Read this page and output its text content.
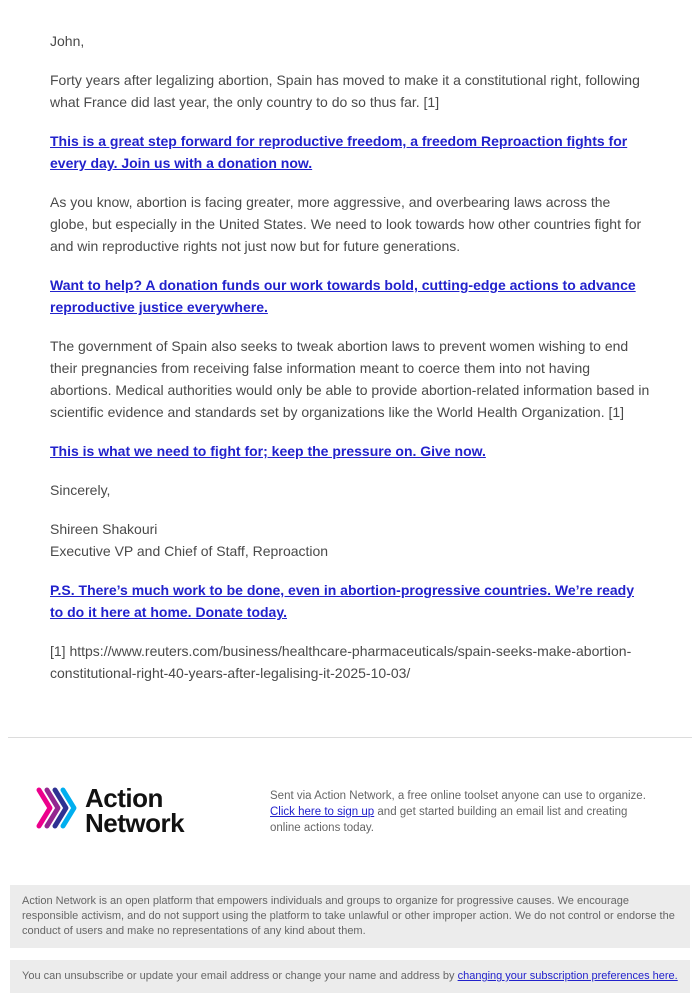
John,

Forty years after legalizing abortion, Spain has moved to make it a constitutional right, following what France did last year, the only country to do so thus far. [1]

This is a great step forward for reproductive freedom, a freedom Reproaction fights for every day. Join us with a donation now.

As you know, abortion is facing greater, more aggressive, and overbearing laws across the globe, but especially in the United States. We need to look towards how other countries fight for and win reproductive rights not just now but for future generations.

Want to help? A donation funds our work towards bold, cutting-edge actions to advance reproductive justice everywhere.

The government of Spain also seeks to tweak abortion laws to prevent women wishing to end their pregnancies from receiving false information meant to coerce them into not having abortions. Medical authorities would only be able to provide abortion-related information based in scientific evidence and standards set by organizations like the World Health Organization. [1]

This is what we need to fight for; keep the pressure on. Give now.

Sincerely,

Shireen Shakouri
Executive VP and Chief of Staff, Reproaction

P.S. There’s much work to be done, even in abortion-progressive countries. We’re ready to do it here at home. Donate today.

[1] https://www.reuters.com/business/healthcare-pharmaceuticals/spain-seeks-make-abortion-constitutional-right-40-years-after-legalising-it-2025-10-03/

Action
Network
Sent via Action Network, a free online toolset anyone can use to organize. Click here to sign up and get started building an email list and creating online actions today.
Action Network is an open platform that empowers individuals and groups to organize for progressive causes. We encourage responsible activism, and do not support using the platform to take unlawful or other improper action. We do not control or endorse the conduct of users and make no representations of any kind about them.
You can unsubscribe or update your email address or change your name and address by changing your subscription preferences here.
